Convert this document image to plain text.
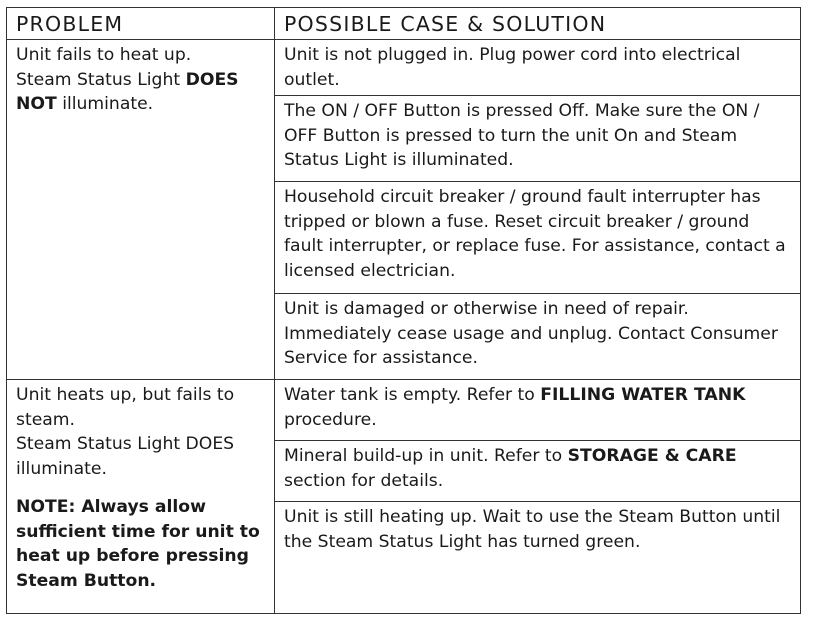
PROBLEM	POSSIBLE CASE & SOLUTION
Unit fails to heat up.
Steam Status Light DOES
NOT illuminate.	Unit is not plugged in. Plug power cord into electrical outlet.
	The ON / OFF Button is pressed Off. Make sure the ON / OFF Button is pressed to turn the unit On and Steam Status Light is illuminated.
	Household circuit breaker / ground fault interrupter has tripped or blown a fuse. Reset circuit breaker / ground fault interrupter, or replace fuse. For assistance, contact a licensed electrician.
	Unit is damaged or otherwise in need of repair. Immediately cease usage and unplug. Contact Consumer Service for assistance.
Unit heats up, but fails to steam.
Steam Status Light DOES illuminate.
NOTE: Always allow sufficient time for unit to heat up before pressing Steam Button.	Water tank is empty. Refer to FILLING WATER TANK procedure.
	Mineral build-up in unit. Refer to STORAGE & CARE section for details.
	Unit is still heating up. Wait to use the Steam Button until the Steam Status Light has turned green.
